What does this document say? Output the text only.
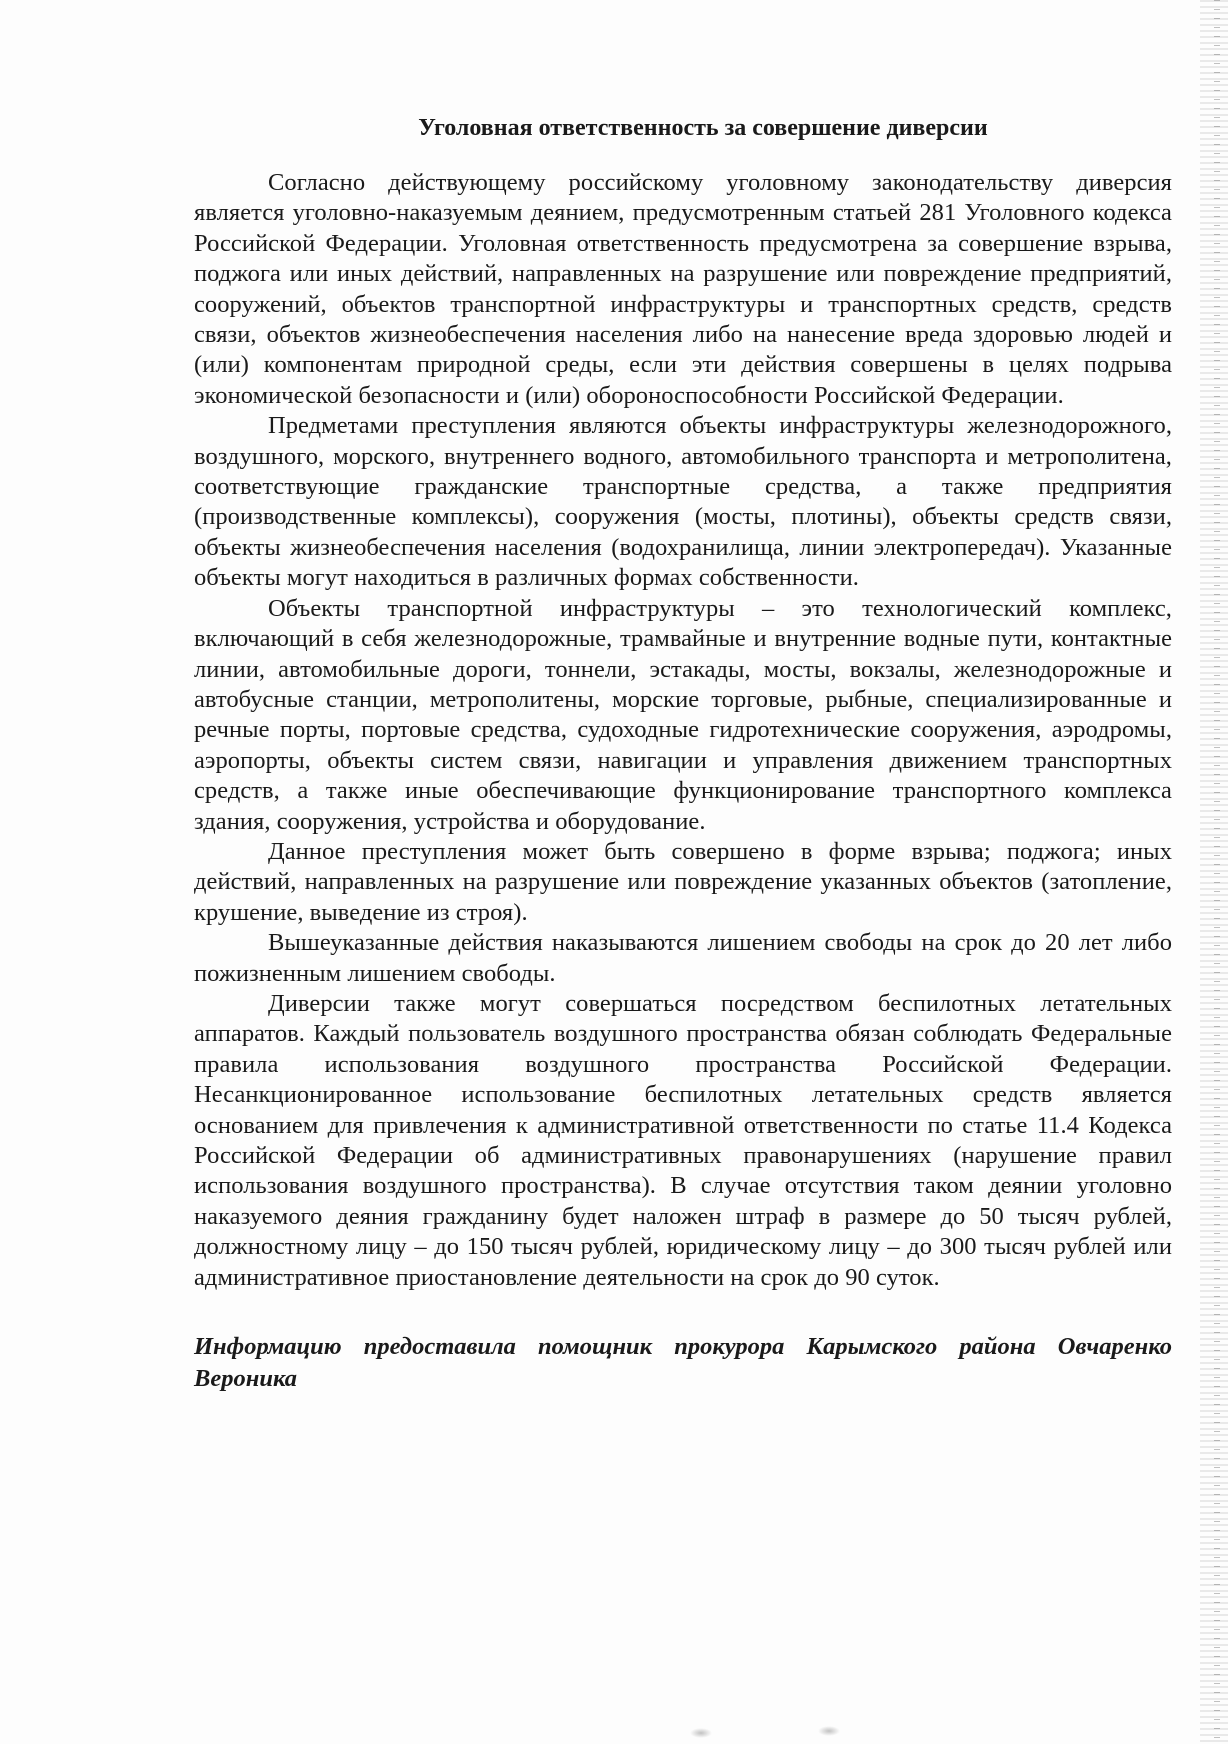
Уголовная ответственность за совершение диверсии

Согласно действующему российскому уголовному законодательству диверсия является уголовно-наказуемым деянием, предусмотренным статьей 281 Уголовного кодекса Российской Федерации. Уголовная ответственность предусмотрена за совершение взрыва, поджога или иных действий, направленных на разрушение или повреждение предприятий, сооружений, объектов транспортной инфраструктуры и транспортных средств, средств связи, объектов жизнеобеспечения населения либо на нанесение вреда здоровью людей и (или) компонентам природной среды, если эти действия совершены в целях подрыва экономической безопасности и (или) обороноспособности Российской Федерации.

Предметами преступления являются объекты инфраструктуры железнодорожного, воздушного, морского, внутреннего водного, автомобильного транспорта и метрополитена, соответствующие гражданские транспортные средства, а также предприятия (производственные комплексы), сооружения (мосты, плотины), объекты средств связи, объекты жизнеобеспечения населения (водохранилища, линии электропередач). Указанные объекты могут находиться в различных формах собственности.

Объекты транспортной инфраструктуры – это технологический комплекс, включающий в себя железнодорожные, трамвайные и внутренние водные пути, контактные линии, автомобильные дороги, тоннели, эстакады, мосты, вокзалы, железнодорожные и автобусные станции, метрополитены, морские торговые, рыбные, специализированные и речные порты, портовые средства, судоходные гидротехнические сооружения, аэродромы, аэропорты, объекты систем связи, навигации и управления движением транспортных средств, а также иные обеспечивающие функционирование транспортного комплекса здания, сооружения, устройства и оборудование.

Данное преступления может быть совершено в форме взрыва; поджога; иных действий, направленных на разрушение или повреждение указанных объектов (затопление, крушение, выведение из строя).

Вышеуказанные действия наказываются лишением свободы на срок до 20 лет либо пожизненным лишением свободы.

Диверсии также могут совершаться посредством беспилотных летательных аппаратов. Каждый пользователь воздушного пространства обязан соблюдать Федеральные правила использования воздушного пространства Российской Федерации. Несанкционированное использование беспилотных летательных средств является основанием для привлечения к административной ответственности по статье 11.4 Кодекса Российской Федерации об административных правонарушениях (нарушение правил использования воздушного пространства). В случае отсутствия таком деянии уголовно наказуемого деяния гражданину будет наложен штраф в размере до 50 тысяч рублей, должностному лицу – до 150 тысяч рублей, юридическому лицу – до 300 тысяч рублей или административное приостановление деятельности на срок до 90 суток.

Информацию предоставила помощник прокурора Карымского района Овчаренко Вероника
